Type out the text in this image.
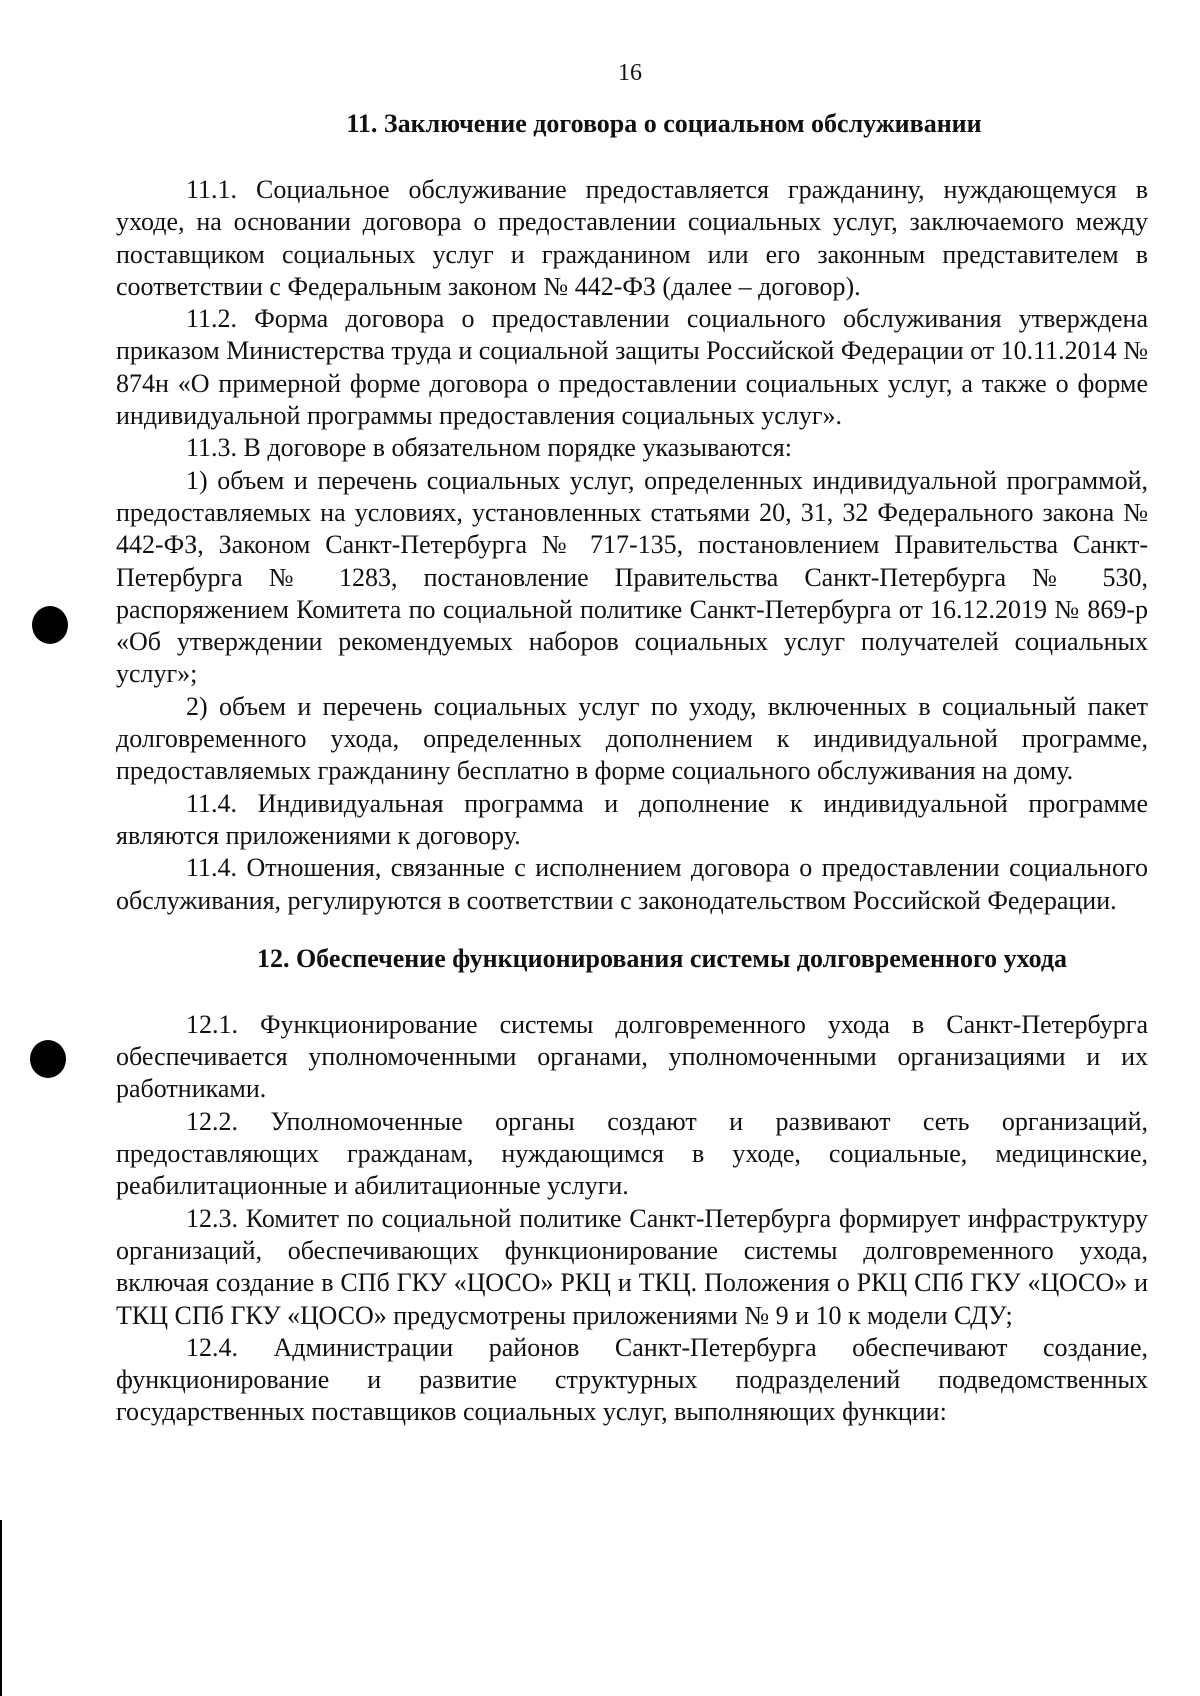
16
11. Заключение договора о социальном обслуживании

11.1. Социальное обслуживание предоставляется гражданину, нуждающемуся в уходе, на основании договора о предоставлении социальных услуг, заключаемого между поставщиком социальных услуг и гражданином или его законным представителем в соответствии с Федеральным законом № 442-ФЗ (далее – договор).

11.2. Форма договора о предоставлении социального обслуживания утверждена приказом Министерства труда и социальной защиты Российской Федерации от 10.11.2014 № 874н «О примерной форме договора о предоставлении социальных услуг, а также о форме индивидуальной программы предоставления социальных услуг».

11.3. В договоре в обязательном порядке указываются:

1) объем и перечень социальных услуг, определенных индивидуальной программой, предоставляемых на условиях, установленных статьями 20, 31, 32 Федерального закона № 442-ФЗ, Законом Санкт-Петербурга № 717-135, постановлением Правительства Санкт-Петербурга № 1283, постановление Правительства Санкт-Петербурга № 530, распоряжением Комитета по социальной политике Санкт-Петербурга от 16.12.2019 № 869-р «Об утверждении рекомендуемых наборов социальных услуг получателей социальных услуг»;

2) объем и перечень социальных услуг по уходу, включенных в социальный пакет долговременного ухода, определенных дополнением к индивидуальной программе, предоставляемых гражданину бесплатно в форме социального обслуживания на дому.

11.4. Индивидуальная программа и дополнение к индивидуальной программе являются приложениями к договору.

11.4. Отношения, связанные с исполнением договора о предоставлении социального обслуживания, регулируются в соответствии с законодательством Российской Федерации.

12. Обеспечение функционирования системы долговременного ухода

12.1. Функционирование системы долговременного ухода в Санкт-Петербурга обеспечивается уполномоченными органами, уполномоченными организациями и их работниками.

12.2. Уполномоченные органы создают и развивают сеть организаций, предоставляющих гражданам, нуждающимся в уходе, социальные, медицинские, реабилитационные и абилитационные услуги.

12.3. Комитет по социальной политике Санкт-Петербурга формирует инфраструктуру организаций, обеспечивающих функционирование системы долговременного ухода, включая создание в СПб ГКУ «ЦОСО» РКЦ и ТКЦ. Положения о РКЦ СПб ГКУ «ЦОСО» и ТКЦ СПб ГКУ «ЦОСО» предусмотрены приложениями № 9 и 10 к модели СДУ;

12.4. Администрации районов Санкт-Петербурга обеспечивают создание, функционирование и развитие структурных подразделений подведомственных государственных поставщиков социальных услуг, выполняющих функции:
